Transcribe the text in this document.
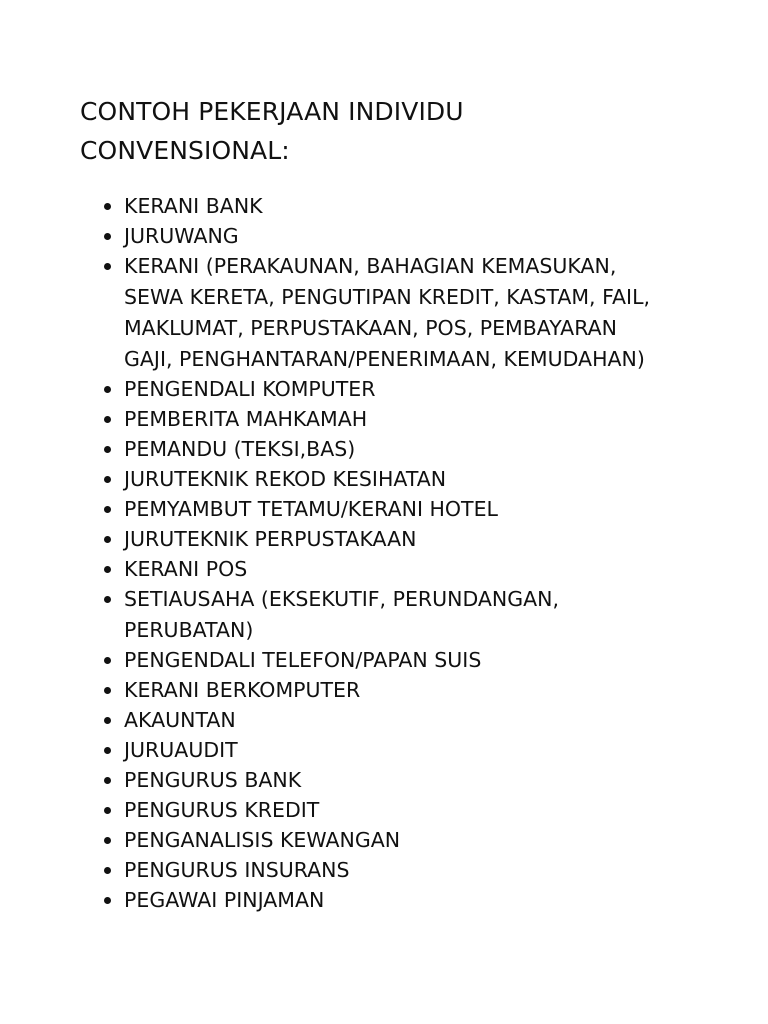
CONTOH PEKERJAAN INDIVIDU
CONVENSIONAL:
KERANI BANK
JURUWANG
KERANI (PERAKAUNAN, BAHAGIAN KEMASUKAN,
SEWA KERETA, PENGUTIPAN KREDIT, KASTAM, FAIL,
MAKLUMAT, PERPUSTAKAAN, POS, PEMBAYARAN
GAJI, PENGHANTARAN/PENERIMAAN, KEMUDAHAN)
PENGENDALI KOMPUTER
PEMBERITA MAHKAMAH
PEMANDU (TEKSI,BAS)
JURUTEKNIK REKOD KESIHATAN
PEMYAMBUT TETAMU/KERANI HOTEL
JURUTEKNIK PERPUSTAKAAN
KERANI POS
SETIAUSAHA (EKSEKUTIF, PERUNDANGAN,
PERUBATAN)
PENGENDALI TELEFON/PAPAN SUIS
KERANI BERKOMPUTER
AKAUNTAN
JURUAUDIT
PENGURUS BANK
PENGURUS KREDIT
PENGANALISIS KEWANGAN
PENGURUS INSURANS
PEGAWAI PINJAMAN
